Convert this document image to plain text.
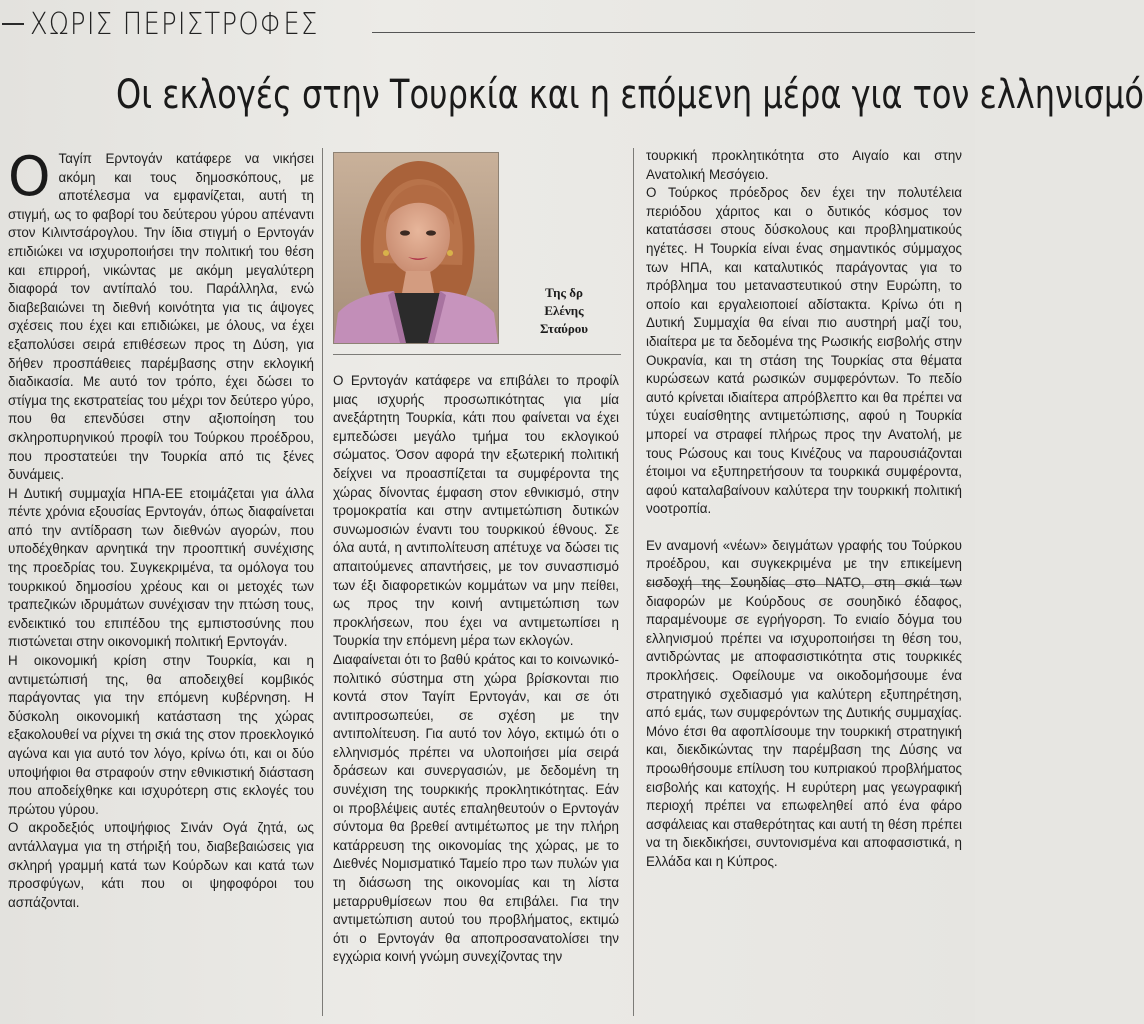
ΧΩΡΙΣ ΠΕΡΙΣΤΡΟΦΕΣ
Οι εκλογές στην Τουρκία και η επόμενη μέρα για τον ελληνισμό
Ο Ταγίπ Ερντογάν κατάφερε να νικήσει ακόμη και τους δημοσκόπους, με αποτέλεσμα να εμφανίζεται, αυτή τη στιγμή, ως το φαβορί του δεύτερου γύρου απέναντι στον Κιλιντσάρογλου. Την ίδια στιγμή ο Ερντογάν επιδιώκει να ισχυροποιήσει την πολιτική του θέση και επιρροή, νικώντας με ακόμη μεγαλύτερη διαφορά τον αντίπαλό του. Παράλληλα, ενώ διαβεβαιώνει τη διεθνή κοινότητα για τις άψογες σχέσεις που έχει και επιδιώκει, με όλους, να έχει εξαπολύσει σειρά επιθέσεων προς τη Δύση, για δήθεν προσπάθειες παρέμβασης στην εκλογική διαδικασία. Με αυτό τον τρόπο, έχει δώσει το στίγμα της εκστρατείας του μέχρι τον δεύτερο γύρο, που θα επενδύσει στην αξιοποίηση του σκληροπυρηνικού προφίλ του Τούρκου προέδρου, που προστατεύει την Τουρκία από τις ξένες δυνάμεις.

Η Δυτική συμμαχία ΗΠΑ-ΕΕ ετοιμάζεται για άλλα πέντε χρόνια εξουσίας Ερντογάν, όπως διαφαίνεται από την αντίδραση των διεθνών αγορών, που υποδέχθηκαν αρνητικά την προοπτική συνέχισης της προεδρίας του. Συγκεκριμένα, τα ομόλογα του τουρκικού δημοσίου χρέους και οι μετοχές των τραπεζικών ιδρυμάτων συνέχισαν την πτώση τους, ενδεικτικό του επιπέδου της εμπιστοσύνης που πιστώνεται στην οικονομική πολιτική Ερντογάν.

Η οικονομική κρίση στην Τουρκία, και η αντιμετώπισή της, θα αποδειχθεί κομβικός παράγοντας για την επόμενη κυβέρνηση. Η δύσκολη οικονομική κατάσταση της χώρας εξακολουθεί να ρίχνει τη σκιά της στον προεκλογικό αγώνα και για αυτό τον λόγο, κρίνω ότι, και οι δύο υποψήφιοι θα στραφούν στην εθνικιστική διάσταση που αποδείχθηκε και ισχυρότερη στις εκλογές του πρώτου γύρου.

Ο ακροδεξιός υποψήφιος Σινάν Ογά ζητά, ως αντάλλαγμα για τη στήριξή του, διαβεβαιώσεις για σκληρή γραμμή κατά των Κούρδων και κατά των προσφύγων, κάτι που οι ψηφοφόροι του ασπάζονται.

Της δρ
Ελένης
Σταύρου

Ο Ερντογάν κατάφερε να επιβάλει το προφίλ μιας ισχυρής προσωπικότητας για μία ανεξάρτητη Τουρκία, κάτι που φαίνεται να έχει εμπεδώσει μεγάλο τμήμα του εκλογικού σώματος. Όσον αφορά την εξωτερική πολιτική δείχνει να προασπίζεται τα συμφέροντα της χώρας δίνοντας έμφαση στον εθνικισμό, στην τρομοκρατία και στην αντιμετώπιση δυτικών συνωμοσιών έναντι του τουρκικού έθνους. Σε όλα αυτά, η αντιπολίτευση απέτυχε να δώσει τις απαιτούμενες απαντήσεις, με τον συνασπισμό των έξι διαφορετικών κομμάτων να μην πείθει, ως προς την κοινή αντιμετώπιση των προκλήσεων, που έχει να αντιμετωπίσει η Τουρκία την επόμενη μέρα των εκλογών.

Διαφαίνεται ότι το βαθύ κράτος και το κοινωνικό-πολιτικό σύστημα στη χώρα βρίσκονται πιο κοντά στον Ταγίπ Ερντογάν, και σε ότι αντιπροσωπεύει, σε σχέση με την αντιπολίτευση. Για αυτό τον λόγο, εκτιμώ ότι ο ελληνισμός πρέπει να υλοποιήσει μία σειρά δράσεων και συνεργασιών, με δεδομένη τη συνέχιση της τουρκικής προκλητικότητας. Εάν οι προβλέψεις αυτές επαληθευτούν ο Ερντογάν σύντομα θα βρεθεί αντιμέτωπος με την πλήρη κατάρρευση της οικονομίας της χώρας, με το Διεθνές Νομισματικό Ταμείο προ των πυλών για τη διάσωση της οικονομίας και τη λίστα μεταρρυθμίσεων που θα επιβάλει. Για την αντιμετώπιση αυτού του προβλήματος, εκτιμώ ότι ο Ερντογάν θα αποπροσανατολίσει την εγχώρια κοινή γνώμη συνεχίζοντας την

τουρκική προκλητικότητα στο Αιγαίο και στην Ανατολική Μεσόγειο.

Ο Τούρκος πρόεδρος δεν έχει την πολυτέλεια περιόδου χάριτος και ο δυτικός κόσμος τον κατατάσσει στους δύσκολους και προβληματικούς ηγέτες. Η Τουρκία είναι ένας σημαντικός σύμμαχος των ΗΠΑ, και καταλυτικός παράγοντας για το πρόβλημα του μεταναστευτικού στην Ευρώπη, το οποίο και εργαλειοποιεί αδίστακτα. Κρίνω ότι η Δυτική Συμμαχία θα είναι πιο αυστηρή μαζί του, ιδιαίτερα με τα δεδομένα της Ρωσικής εισβολής στην Ουκρανία, και τη στάση της Τουρκίας στα θέματα κυρώσεων κατά ρωσικών συμφερόντων. Το πεδίο αυτό κρίνεται ιδιαίτερα απρόβλεπτο και θα πρέπει να τύχει ευαίσθητης αντιμετώπισης, αφού η Τουρκία μπορεί να στραφεί πλήρως προς την Ανατολή, με τους Ρώσους και τους Κινέζους να παρουσιάζονται έτοιμοι να εξυπηρετήσουν τα τουρκικά συμφέροντα, αφού καταλαβαίνουν καλύτερα την τουρκική πολιτική νοοτροπία.

Εν αναμονή «νέων» δειγμάτων γραφής του Τούρκου προέδρου, και συγκεκριμένα με την επικείμενη εισδοχή της Σουηδίας στο ΝΑΤΟ, στη σκιά των διαφορών με Κούρδους σε σουηδικό έδαφος, παραμένουμε σε εγρήγορση. Το ενιαίο δόγμα του ελληνισμού πρέπει να ισχυροποιήσει τη θέση του, αντιδρώντας με αποφασιστικότητα στις τουρκικές προκλήσεις. Οφείλουμε να οικοδομήσουμε ένα στρατηγικό σχεδιασμό για καλύτερη εξυπηρέτηση, από εμάς, των συμφερόντων της Δυτικής συμμαχίας. Μόνο έτσι θα αφοπλίσουμε την τουρκική στρατηγική και, διεκδικώντας την παρέμβαση της Δύσης να προωθήσουμε επίλυση του κυπριακού προβλήματος εισβολής και κατοχής. Η ευρύτερη μας γεωγραφική περιοχή πρέπει να επωφεληθεί από ένα φάρο ασφάλειας και σταθερότητας και αυτή τη θέση πρέπει να τη διεκδικήσει, συντονισμένα και αποφασιστικά, η Ελλάδα και η Κύπρος.
